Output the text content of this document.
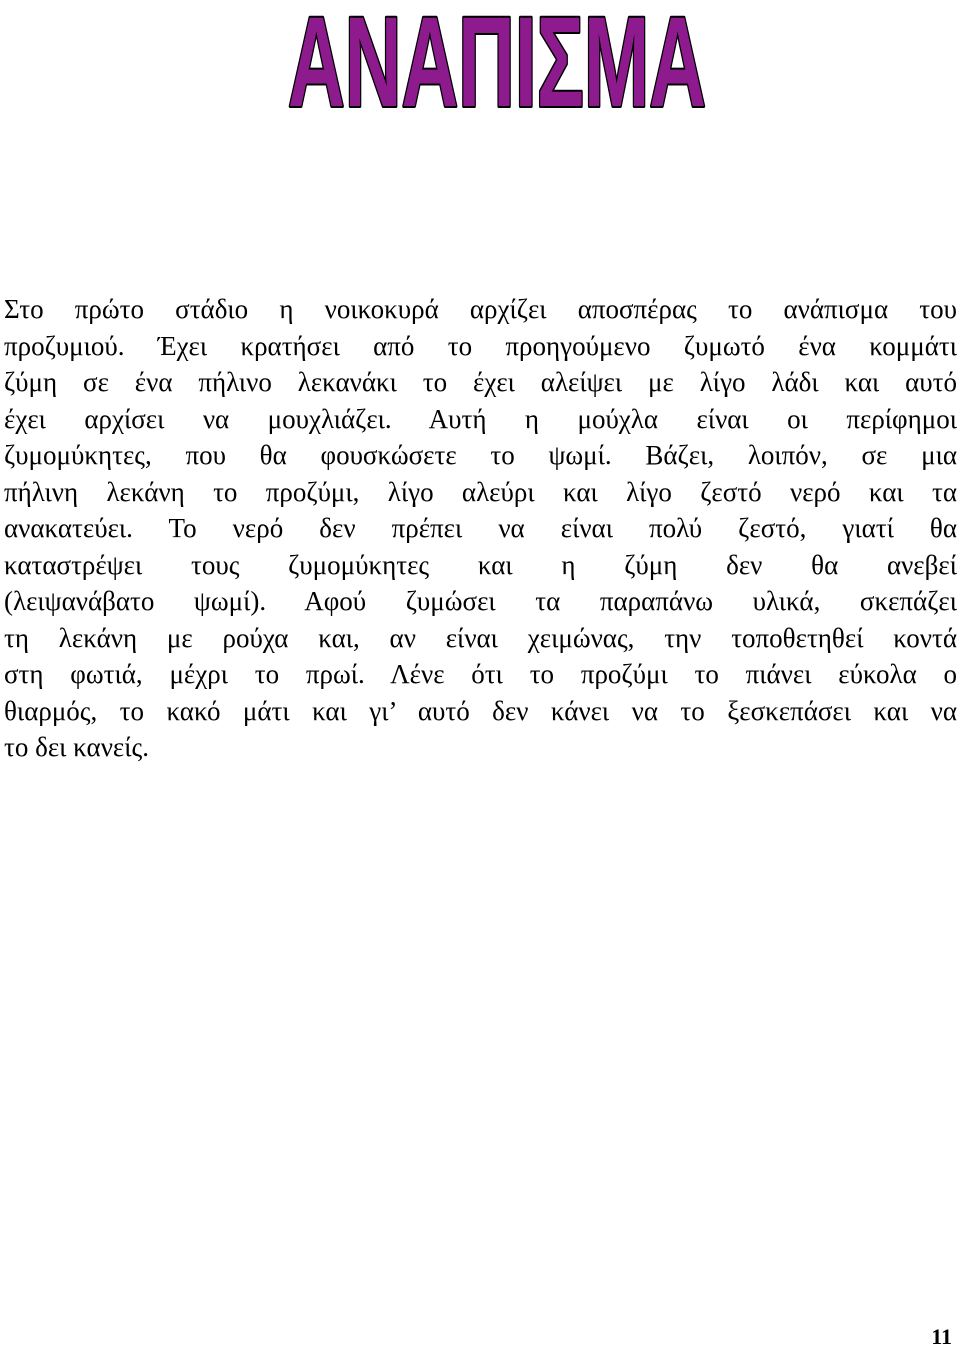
ΑΝΑΠΙΣΜΑ
Στο πρώτο στάδιο η νοικοκυρά αρχίζει αποσπέρας το ανάπισμα του
προζυμιού. Έχει κρατήσει από το προηγούμενο ζυμωτό ένα κομμάτι
ζύμη σε ένα πήλινο λεκανάκι το έχει αλείψει με λίγο λάδι και αυτό
έχει αρχίσει να μουχλιάζει. Αυτή η μούχλα είναι οι περίφημοι
ζυμομύκητες, που θα φουσκώσετε το ψωμί. Βάζει, λοιπόν, σε μια
πήλινη λεκάνη το προζύμι, λίγο αλεύρι και λίγο ζεστό νερό και τα
ανακατεύει. Το νερό δεν πρέπει να είναι πολύ ζεστό, γιατί θα
καταστρέψει τους ζυμομύκητες και η ζύμη δεν θα ανεβεί
(λειψανάβατο ψωμί). Αφού ζυμώσει τα παραπάνω υλικά, σκεπάζει
τη λεκάνη με ρούχα και, αν είναι χειμώνας, την τοποθετηθεί κοντά
στη φωτιά, μέχρι το πρωί. Λένε ότι το προζύμι το πιάνει εύκολα ο
θιαρμός, το κακό μάτι και γι’ αυτό δεν κάνει να το ξεσκεπάσει και να
το δει κανείς.
11
